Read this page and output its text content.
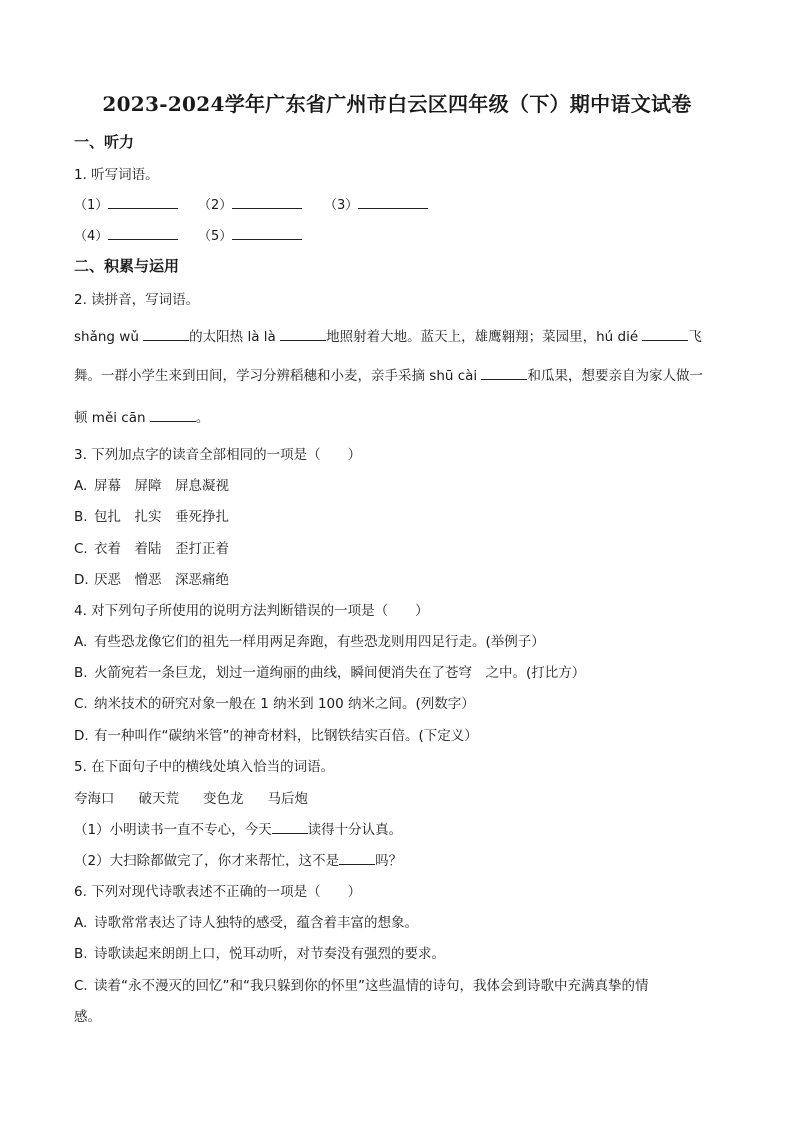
2023-2024学年广东省广州市白云区四年级（下）期中语文试卷
一、听力
1. 听写词语。
（1）	（2）	（3）
（4）	（5）
二、积累与运用
2. 读拼音，写词语。
shǎng wǔ	的太阳热 là là	地照射着大地。蓝天上，雄鹰翱翔；菜园里，hú dié	飞
舞。一群小学生来到田间，学习分辨稻穗和小麦，亲手采摘 shū cài	和瓜果，想要亲自为家人做一
顿 měi cān	。
3. 下列加点字的读音全部相同的一项是（　　）
A. 屏幕　屏障　屏息凝视
B. 包扎　扎实　垂死挣扎
C. 衣着　着陆　歪打正着
D. 厌恶　憎恶　深恶痛绝
4. 对下列句子所使用的说明方法判断错误的一项是（　　）
A. 有些恐龙像它们的祖先一样用两足奔跑，有些恐龙则用四足行走。(举例子）
B. 火箭宛若一条巨龙，划过一道绚丽的曲线，瞬间便消失在了苍穹　之中。(打比方）
C. 纳米技术的研究对象一般在 1 纳米到 100 纳米之间。(列数字）
D. 有一种叫作“碳纳米管”的神奇材料，比钢铁结实百倍。(下定义）
5. 在下面句子中的横线处填入恰当的词语。
夸海口 破天荒 变色龙 马后炮
（1）小明读书一直不专心，今天	读得十分认真。
（2）大扫除都做完了，你才来帮忙，这不是	吗？
6. 下列对现代诗歌表述不正确的一项是（　　）
A. 诗歌常常表达了诗人独特的感受，蕴含着丰富的想象。
B. 诗歌读起来朗朗上口，悦耳动听，对节奏没有强烈的要求。
C. 读着“永不漫灭的回忆”和“我只躲到你的怀里”这些温情的诗句，我体会到诗歌中充满真挚的情
感。
